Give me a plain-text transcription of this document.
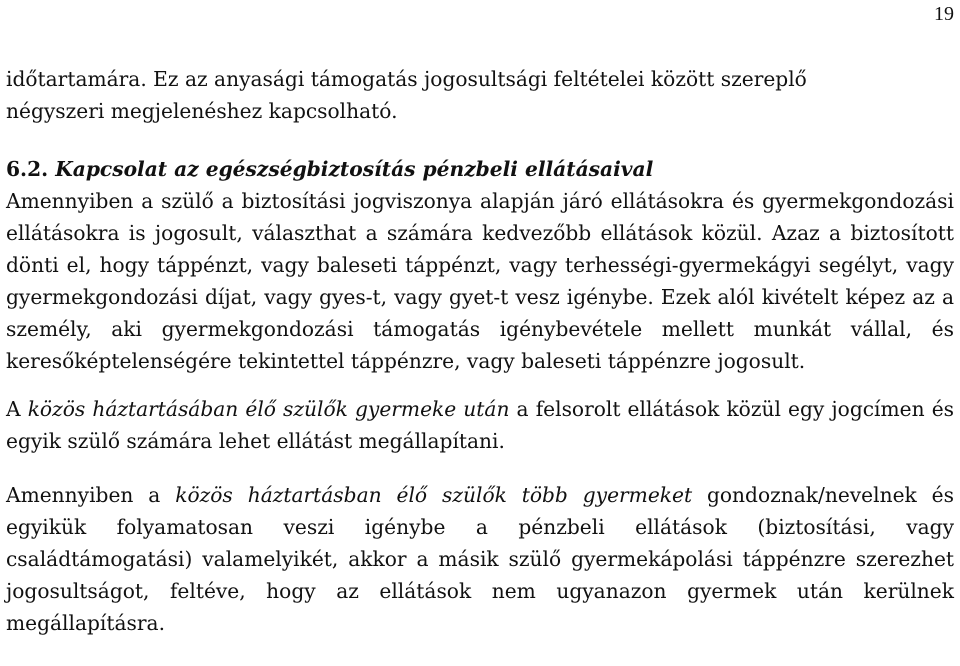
19

időtartamára. Ez az anyasági támogatás jogosultsági feltételei között szereplő
négyszeri megjelenéshez kapcsolható.

6.2. Kapcsolat az egészségbiztosítás pénzbeli ellátásaival

Amennyiben a szülő a biztosítási jogviszonya alapján járó ellátásokra és gyermekgondozási ellátásokra is jogosult, választhat a számára kedvezőbb ellátások közül. Azaz a biztosított dönti el, hogy táppénzt, vagy baleseti táppénzt, vagy terhességi-gyermekágyi segélyt, vagy gyermekgondozási díjat, vagy gyes-t, vagy gyet-t vesz igénybe. Ezek alól kivételt képez az a személy, aki gyermekgondozási támogatás igénybevétele mellett munkát vállal, és keresőképtelenségére tekintettel táppénzre, vagy baleseti táppénzre jogosult.

A közös háztartásában élő szülők gyermeke után a felsorolt ellátások közül egy jogcímen és egyik szülő számára lehet ellátást megállapítani.

Amennyiben a közös háztartásban élő szülők több gyermeket gondoznak/nevelnek és egyikük folyamatosan veszi igénybe a pénzbeli ellátások (biztosítási, vagy családtámogatási) valamelyikét, akkor a másik szülő gyermekápolási táppénzre szerezhet jogosultságot, feltéve, hogy az ellátások nem ugyanazon gyermek után kerülnek megállapításra.
